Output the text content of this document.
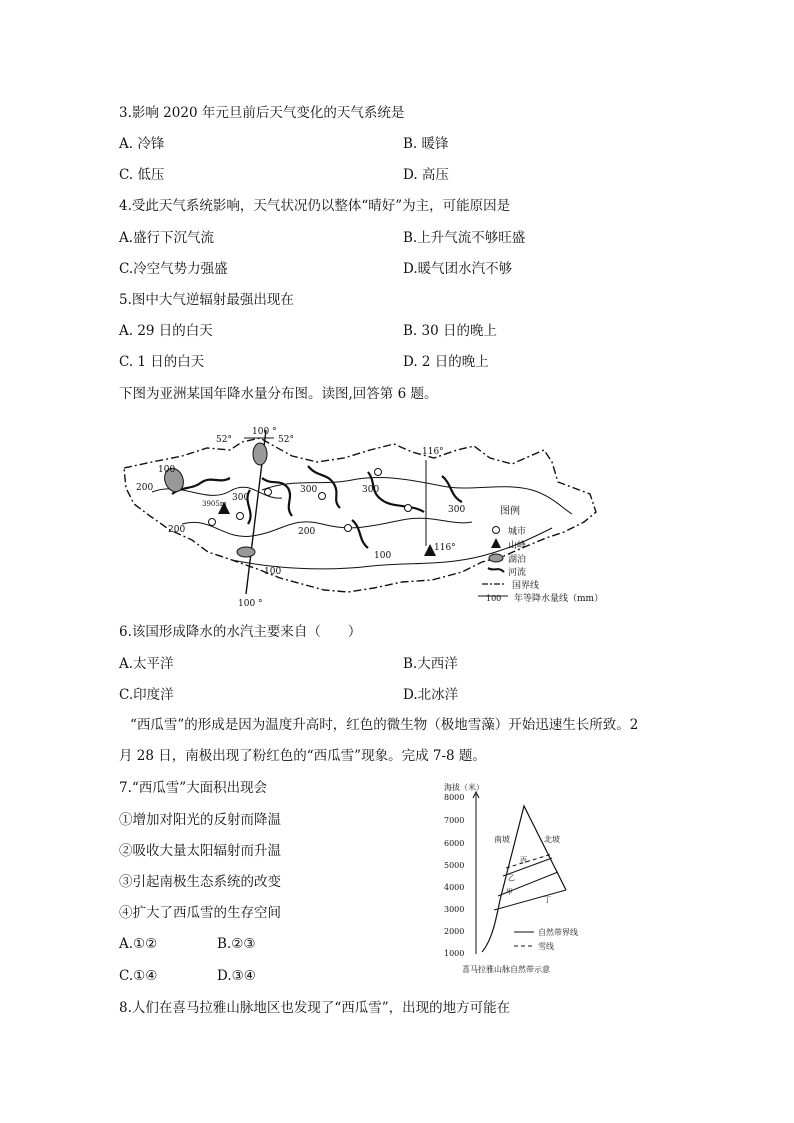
3.影响 2020 年元旦前后天气变化的天气系统是
A. 冷锋	B. 暖锋
C. 低压	D. 高压
4.受此天气系统影响，天气状况仍以整体“晴好”为主，可能原因是
A.盛行下沉气流	B.上升气流不够旺盛
C.冷空气势力强盛	D.暖气团水汽不够
5.图中大气逆辐射最强出现在
A. 29 日的白天	B. 30 日的晚上
C. 1 日的白天	D. 2 日的晚上
下图为亚洲某国年降水量分布图。读图,回答第 6 题。
100 °
52°	52°
116°
116°
100 °
3905m
100
200
300
300
200
300
200
100
100
300	图例
城市
山峰
湖泊
河流
国界线
100 年等降水量线（mm）
6.该国形成降水的水汽主要来自（　　）
A.太平洋	B.大西洋
C.印度洋	D.北冰洋
“西瓜雪”的形成是因为温度升高时，红色的微生物（极地雪藻）开始迅速生长所致。2
月 28 日，南极出现了粉红色的“西瓜雪”现象。完成 7-8 题。
7.“西瓜雪”大面积出现会
①增加对阳光的反射而降温
②吸收大量太阳辐射而升温
③引起南极生态系统的改变
④扩大了西瓜雪的生存空间
A.①②	B.②③
C.①④	D.③④
海拔（米）
8000
7000
6000
5000
4000
3000
2000
1000
南坡	北坡
丙
乙
甲
丁
自然带界线
雪线
喜马拉雅山脉自然带示意
8.人们在喜马拉雅山脉地区也发现了“西瓜雪”，出现的地方可能在
